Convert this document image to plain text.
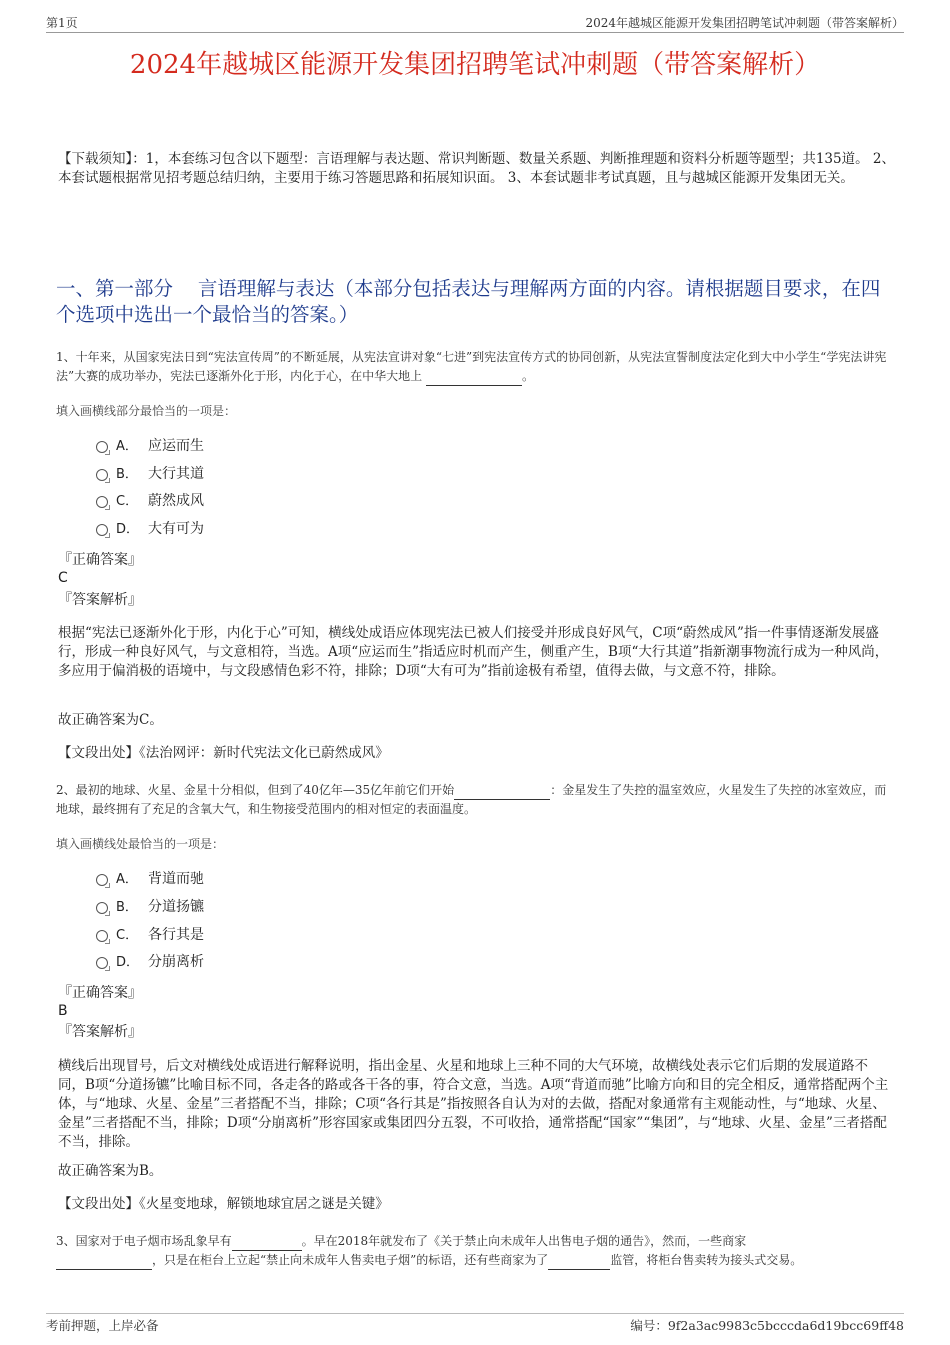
第1页	2024年越城区能源开发集团招聘笔试冲刺题（带答案解析）
2024年越城区能源开发集团招聘笔试冲刺题（带答案解析）
【下载须知】：1，本套练习包含以下题型：言语理解与表达题、常识判断题、数量关系题、判断推理题和资料分析题等题型；共135道。 2、本套试题根据常见招考题总结归纳，主要用于练习答题思路和拓展知识面。 3、本套试题非考试真题，且与越城区能源开发集团无关。
一、第一部分 言语理解与表达（本部分包括表达与理解两方面的内容。请根据题目要求，在四个选项中选出一个最恰当的答案。）
1、十年来，从国家宪法日到“宪法宣传周”的不断延展，从宪法宣讲对象“七进”到宪法宣传方式的协同创新，从宪法宣誓制度法定化到大中小学生“学宪法讲宪法”大赛的成功举办，宪法已逐渐外化于形，内化于心，在中华大地上	。
填入画横线部分最恰当的一项是：
A． 应运而生
B． 大行其道
C． 蔚然成风
D． 大有可为
『正确答案』
C
『答案解析』
根据“宪法已逐渐外化于形，内化于心”可知，横线处成语应体现宪法已被人们接受并形成良好风气，C项“蔚然成风”指一件事情逐渐发展盛行，形成一种良好风气，与文意相符，当选。A项“应运而生”指适应时机而产生，侧重产生，B项“大行其道”指新潮事物流行成为一种风尚，多应用于偏消极的语境中，与文段感情色彩不符，排除；D项“大有可为”指前途极有希望，值得去做，与文意不符，排除。
故正确答案为C。
【文段出处】《法治网评：新时代宪法文化已蔚然成风》
2、最初的地球、火星、金星十分相似，但到了40亿年—35亿年前它们开始	：金星发生了失控的温室效应，火星发生了失控的冰室效应，而地球，最终拥有了充足的含氧大气，和生物接受范围内的相对恒定的表面温度。
填入画横线处最恰当的一项是：
A． 背道而驰
B． 分道扬镳
C． 各行其是
D． 分崩离析
『正确答案』
B
『答案解析』
横线后出现冒号，后文对横线处成语进行解释说明，指出金星、火星和地球上三种不同的大气环境，故横线处表示它们后期的发展道路不同，B项“分道扬镳”比喻目标不同，各走各的路或各干各的事，符合文意，当选。A项“背道而驰”比喻方向和目的完全相反，通常搭配两个主体，与“地球、火星、金星”三者搭配不当，排除；C项“各行其是”指按照各自认为对的去做，搭配对象通常有主观能动性，与“地球、火星、金星”三者搭配不当，排除；D项“分崩离析”形容国家或集团四分五裂，不可收拾，通常搭配“国家”“集团”，与“地球、火星、金星”三者搭配不当，排除。
故正确答案为B。
【文段出处】《火星变地球，解锁地球宜居之谜是关键》
3、国家对于电子烟市场乱象早有	。早在2018年就发布了《关于禁止向未成年人出售电子烟的通告》，然而，一些商家
，只是在柜台上立起“禁止向未成年人售卖电子烟”的标语，还有些商家为了	监管，将柜台售卖转为接头式交易。
考前押题，上岸必备	编号：9f2a3ac9983c5bcccda6d19bcc69ff48
